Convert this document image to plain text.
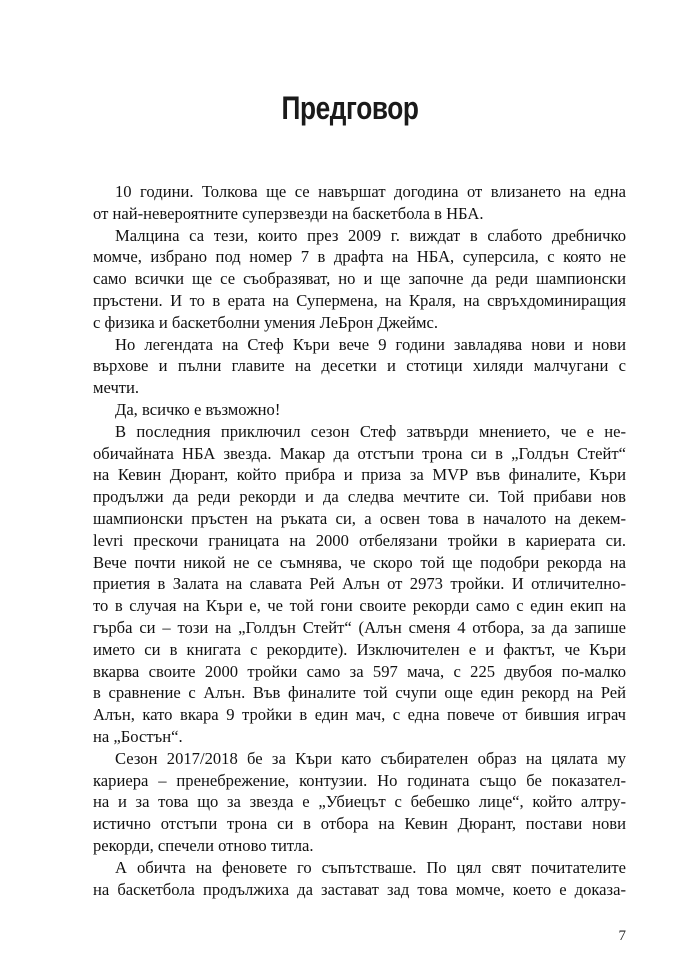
Предговор
10 години. Толкова ще се навършат догодина от влизането на една
от най-невероятните суперзвезди на баскетбола в НБА.
Малцина са тези, които през 2009 г. виждат в слабото дребничко
момче, избрано под номер 7 в драфта на НБА, суперсила, с която не
само всички ще се съобразяват, но и ще започне да реди шампионски
пръстени. И то в ерата на Супермена, на Краля, на свръхдоминиращия
с физика и баскетболни умения ЛеБрон Джеймс.
Но легендата на Стеф Къри вече 9 години завладява нови и нови
върхове и пълни главите на десетки и стотици хиляди малчугани с
мечти.
Да, всичко е възможно!
В последния приключил сезон Стеф затвърди мнението, че е не-
обичайната НБА звезда. Макар да отстъпи трона си в „Голдън Стейт“
на Кевин Дюрант, който прибра и приза за MVP във финалите, Къри
продължи да реди рекорди и да следва мечтите си. Той прибави нов
шампионски пръстен на ръката си, а освен това в началото на декем-
levri прескочи границата на 2000 отбелязани тройки в кариерата си.
Вече почти никой не се съмнява, че скоро той ще подобри рекорда на
приетия в Залата на славата Рей Алън от 2973 тройки. И отличително-
то в случая на Къри е, че той гони своите рекорди само с един екип на
гърба си – този на „Голдън Стейт“ (Алън сменя 4 отбора, за да запише
името си в книгата с рекордите). Изключителен е и фактът, че Къри
вкарва своите 2000 тройки само за 597 мача, с 225 двубоя по-малко
в сравнение с Алън. Във финалите той счупи още един рекорд на Рей
Алън, като вкара 9 тройки в един мач, с една повече от бившия играч
на „Бостън“.
Сезон 2017/2018 бе за Къри като събирателен образ на цялата му
кариера – пренебрежение, контузии. Но годината също бе показател-
на и за това що за звезда е „Убиецът с бебешко лице“, който алтру-
истично отстъпи трона си в отбора на Кевин Дюрант, постави нови
рекорди, спечели отново титла.
А обичта на феновете го съпътстваше. По цял свят почитателите
на баскетбола продължиха да застават зад това момче, което е доказа-
7
